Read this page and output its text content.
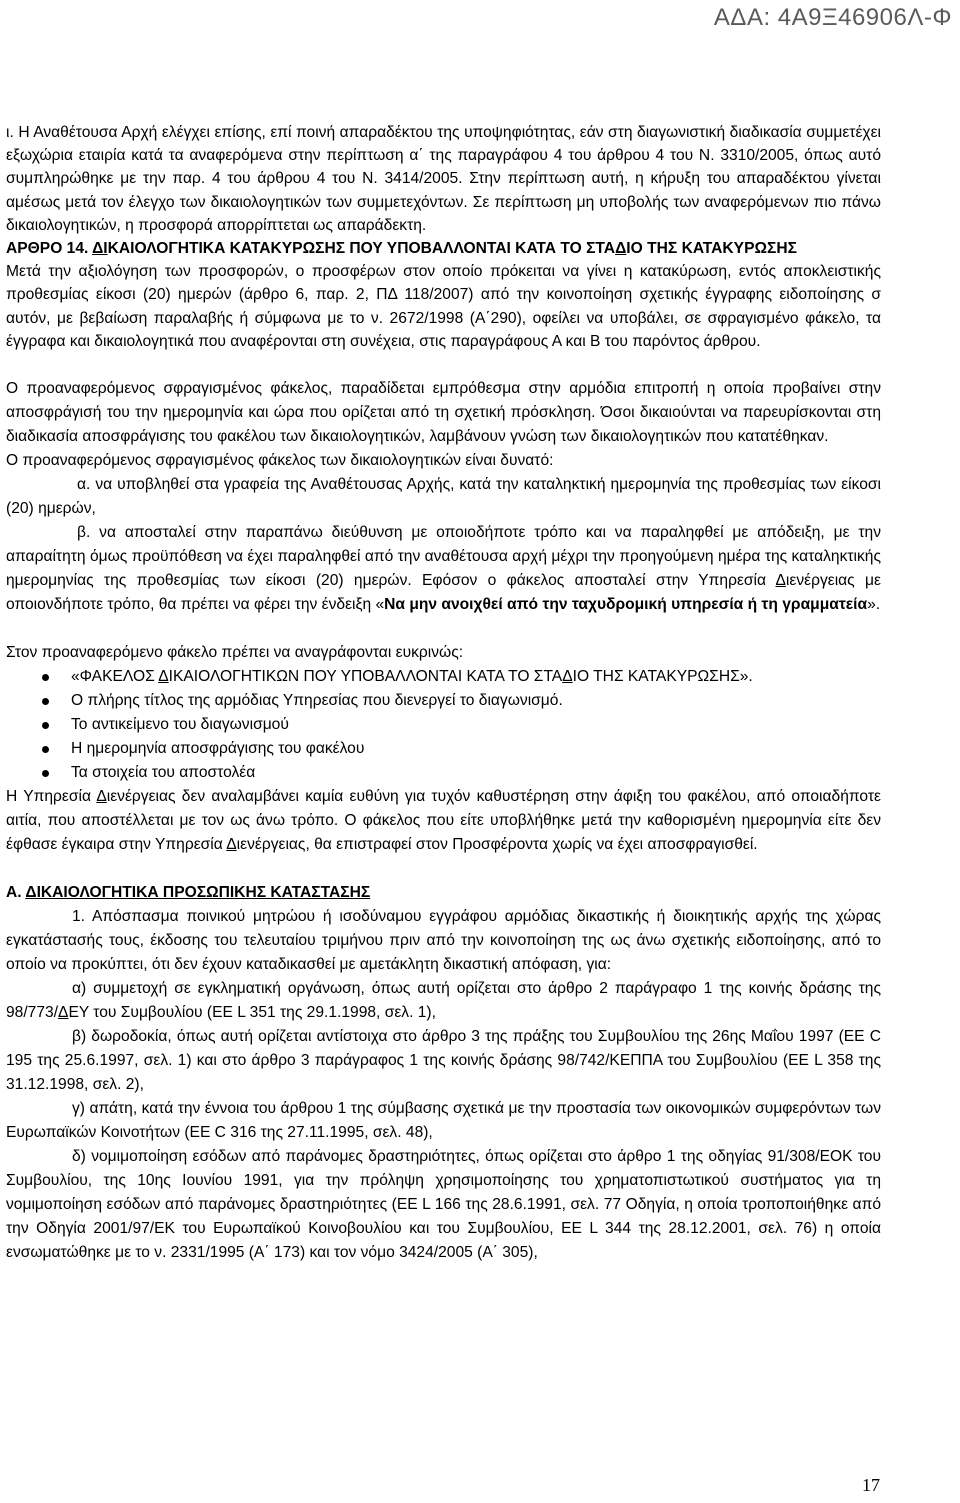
ΑΔΑ: 4Α9Ξ46906Λ-Φ

ι. Η Αναθέτουσα Αρχή ελέγχει επίσης, επί ποινή απαραδέκτου της υποψηφιότητας, εάν στη διαγωνιστική διαδικασία συμμετέχει εξωχώρια εταιρία κατά τα αναφερόμενα στην περίπτωση α΄ της παραγράφου 4 του άρθρου 4 του Ν. 3310/2005, όπως αυτό συμπληρώθηκε με την παρ. 4 του άρθρου 4 του Ν. 3414/2005. Στην περίπτωση αυτή, η κήρυξη του απαραδέκτου γίνεται αμέσως μετά τον έλεγχο των δικαιολογητικών των συμμετεχόντων. Σε περίπτωση μη υποβολής των αναφερόμενων πιο πάνω δικαιολογητικών, η προσφορά απορρίπτεται ως απαράδεκτη.

ΑΡΘΡΟ 14. ΔΙΚΑΙΟΛΟΓΗΤΙΚΑ ΚΑΤΑΚΥΡΩΣΗΣ ΠΟΥ ΥΠΟΒΑΛΛΟΝΤΑΙ ΚΑΤΑ ΤΟ ΣΤΑΔΙΟ ΤΗΣ ΚΑΤΑΚΥΡΩΣΗΣ

Μετά την αξιολόγηση των προσφορών, ο προσφέρων στον οποίο πρόκειται να γίνει η κατακύρωση, εντός αποκλειστικής προθεσμίας είκοσι (20) ημερών (άρθρο 6, παρ. 2, ΠΔ 118/2007) από την κοινοποίηση σχετικής έγγραφης ειδοποίησης σ αυτόν, με βεβαίωση παραλαβής ή σύμφωνα με το ν. 2672/1998 (Α΄290), οφείλει να υποβάλει, σε σφραγισμένο φάκελο, τα έγγραφα και δικαιολογητικά που αναφέρονται στη συνέχεια, στις παραγράφους Α και Β του παρόντος άρθρου.

Ο προαναφερόμενος σφραγισμένος φάκελος, παραδίδεται εμπρόθεσμα στην αρμόδια επιτροπή η οποία προβαίνει στην αποσφράγισή του την ημερομηνία και ώρα που ορίζεται από τη σχετική πρόσκληση. Όσοι δικαιούνται να παρευρίσκονται στη διαδικασία αποσφράγισης του φακέλου των δικαιολογητικών, λαμβάνουν γνώση των δικαιολογητικών που κατατέθηκαν.

Ο προαναφερόμενος σφραγισμένος φάκελος των δικαιολογητικών είναι δυνατό:

α. να υποβληθεί στα γραφεία της Αναθέτουσας Αρχής, κατά την καταληκτική ημερομηνία της προθεσμίας των είκοσι (20) ημερών,

β. να αποσταλεί στην παραπάνω διεύθυνση με οποιοδήποτε τρόπο και να παραληφθεί με απόδειξη, με την απαραίτητη όμως προϋπόθεση να έχει παραληφθεί από την αναθέτουσα αρχή μέχρι την προηγούμενη ημέρα της καταληκτικής ημερομηνίας της προθεσμίας των είκοσι (20) ημερών. Εφόσον ο φάκελος αποσταλεί στην Υπηρεσία Διενέργειας με οποιονδήποτε τρόπο, θα πρέπει να φέρει την ένδειξη «Να μην ανοιχθεί από την ταχυδρομική υπηρεσία ή τη γραμματεία».

Στον προαναφερόμενο φάκελο πρέπει να αναγράφονται ευκρινώς:

«ΦΑΚΕΛΟΣ ΔΙΚΑΙΟΛΟΓΗΤΙΚΩΝ ΠΟΥ ΥΠΟΒΑΛΛΟΝΤΑΙ ΚΑΤΑ ΤΟ ΣΤΑΔΙΟ ΤΗΣ ΚΑΤΑΚΥΡΩΣΗΣ».
Ο πλήρης τίτλος της αρμόδιας Υπηρεσίας που διενεργεί το διαγωνισμό.
Το αντικείμενο του διαγωνισμού
Η ημερομηνία αποσφράγισης του φακέλου
Τα στοιχεία του αποστολέα

Η Υπηρεσία Διενέργειας δεν αναλαμβάνει καμία ευθύνη για τυχόν καθυστέρηση στην άφιξη του φακέλου, από οποιαδήποτε αιτία, που αποστέλλεται με τον ως άνω τρόπο. Ο φάκελος που είτε υποβλήθηκε μετά την καθορισμένη ημερομηνία είτε δεν έφθασε έγκαιρα στην Υπηρεσία Διενέργειας, θα επιστραφεί στον Προσφέροντα χωρίς να έχει αποσφραγισθεί.

Α. ΔΙΚΑΙΟΛΟΓΗΤΙΚΑ ΠΡΟΣΩΠΙΚΗΣ ΚΑΤΑΣΤΑΣΗΣ

1. Απόσπασμα ποινικού μητρώου ή ισοδύναμου εγγράφου αρμόδιας δικαστικής ή διοικητικής αρχής της χώρας εγκατάστασής τους, έκδοσης του τελευταίου τριμήνου πριν από την κοινοποίηση της ως άνω σχετικής ειδοποίησης, από το οποίο να προκύπτει, ότι δεν έχουν καταδικασθεί με αμετάκλητη δικαστική απόφαση, για:

α) συμμετοχή σε εγκληματική οργάνωση, όπως αυτή ορίζεται στο άρθρο 2 παράγραφο 1 της κοινής δράσης της 98/773/ΔΕΥ του Συμβουλίου (ΕΕ L 351 της 29.1.1998, σελ. 1),

β) δωροδοκία, όπως αυτή ορίζεται αντίστοιχα στο άρθρο 3 της πράξης του Συμβουλίου της 26ης Μαΐου 1997 (ΕΕ C 195 της 25.6.1997, σελ. 1) και στο άρθρο 3 παράγραφος 1 της κοινής δράσης 98/742/ΚΕΠΠΑ του Συμβουλίου (ΕΕ L 358 της 31.12.1998, σελ. 2),

γ) απάτη, κατά την έννοια του άρθρου 1 της σύμβασης σχετικά με την προστασία των οικονομικών συμφερόντων των Ευρωπαϊκών Κοινοτήτων (ΕΕ C 316 της 27.11.1995, σελ. 48),

δ) νομιμοποίηση εσόδων από παράνομες δραστηριότητες, όπως ορίζεται στο άρθρο 1 της οδηγίας 91/308/ΕΟΚ του Συμβουλίου, της 10ης Ιουνίου 1991, για την πρόληψη χρησιμοποίησης του χρηματοπιστωτικού συστήματος για τη νομιμοποίηση εσόδων από παράνομες δραστηριότητες (ΕΕ L 166 της 28.6.1991, σελ. 77 Οδηγία, η οποία τροποποιήθηκε από την Οδηγία 2001/97/ΕΚ του Ευρωπαϊκού Κοινοβουλίου και του Συμβουλίου, ΕΕ L 344 της 28.12.2001, σελ. 76) η οποία ενσωματώθηκε με το ν. 2331/1995 (Α΄ 173) και τον νόμο 3424/2005 (Α΄ 305),

17
